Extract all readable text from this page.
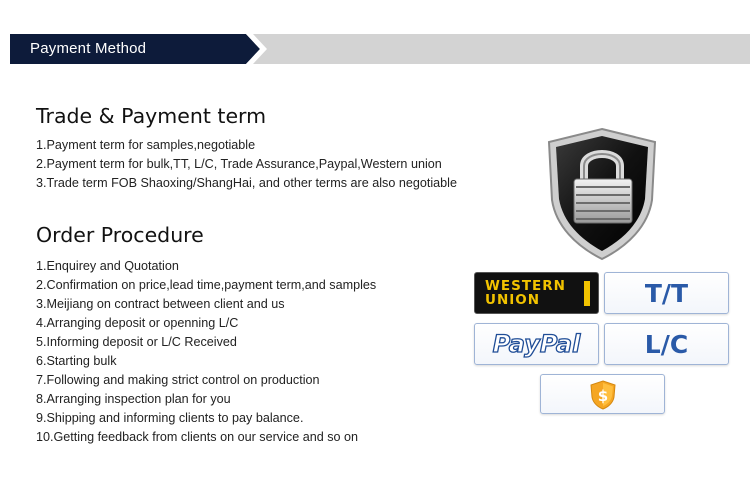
Payment Method
Trade & Payment term
1.Payment term for samples,negotiable
2.Payment term for bulk,TT, L/C, Trade Assurance,Paypal,Western union
3.Trade term FOB Shaoxing/ShangHai, and other terms are also negotiable
Order Procedure
1.Enquirey and Quotation
2.Confirmation on price,lead time,payment term,and samples
3.Meijiang on contract between client and us
4.Arranging deposit or openning L/C
5.Informing deposit or L/C Received
6.Starting bulk
7.Following and making strict control on production
8.Arranging inspection plan for you
9.Shipping and informing clients to pay balance.
10.Getting feedback from clients on our service and so on
WESTERN
UNION	T/T
PayPal	L/C
$
